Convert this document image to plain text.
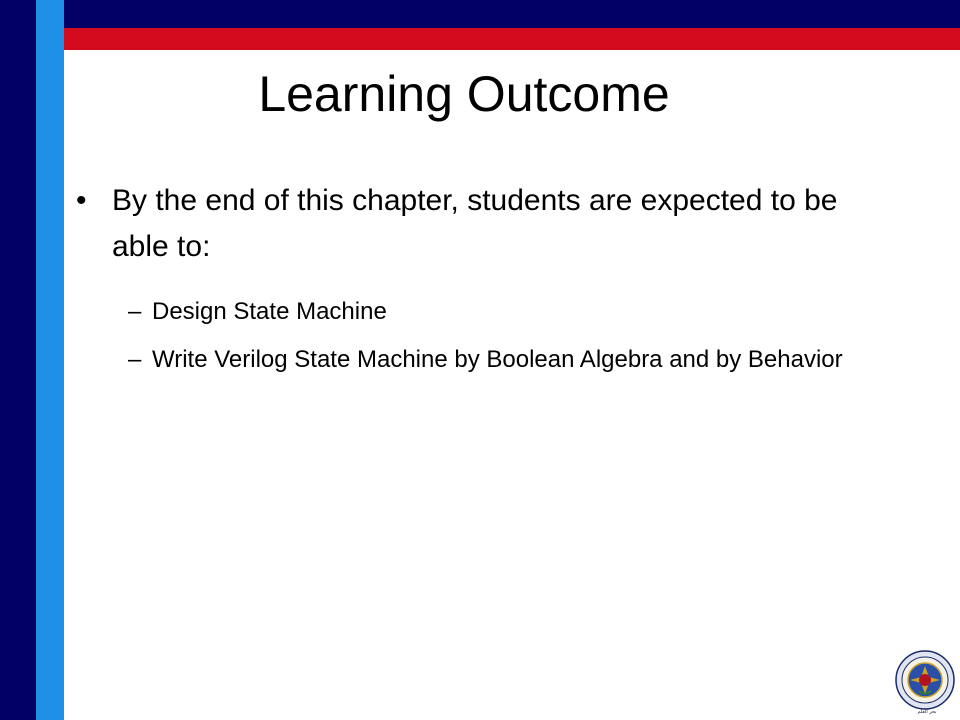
Learning Outcome
• By the end of this chapter, students are expected to be able to:
– Design State Machine
– Write Verilog State Machine by Boolean Algebra and by Behavior
ﺑﺤﺮ ﺍﻟﻌﻠﻢ
